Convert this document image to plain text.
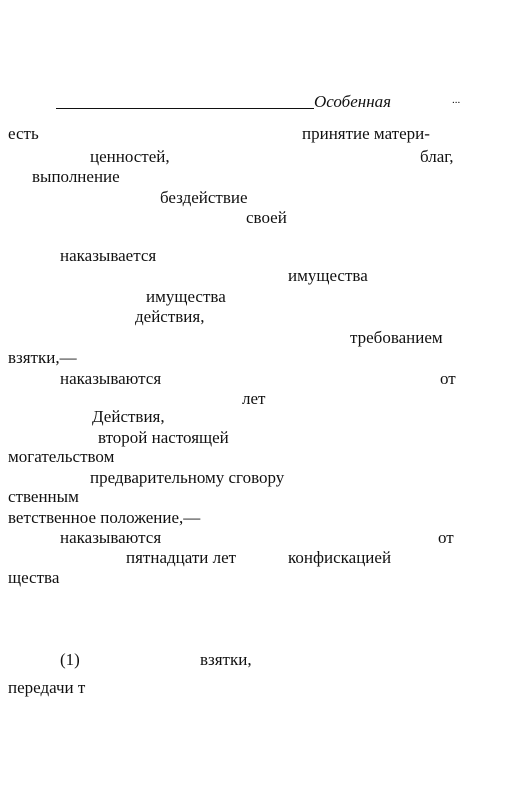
Особенная	...
есть	принятие матери-
ценностей,	благ,
выполнение
бездействие
своей
наказывается
имущества
имущества
действия,
требованием
взятки,—
наказываются	от
лет
Действия,
второй настоящей
могательством
предварительному сговору
ственным
ветственное положение,—
наказываются	от
пятнадцати лет	конфискацией
щества
(1)	взятки,
передачи т
